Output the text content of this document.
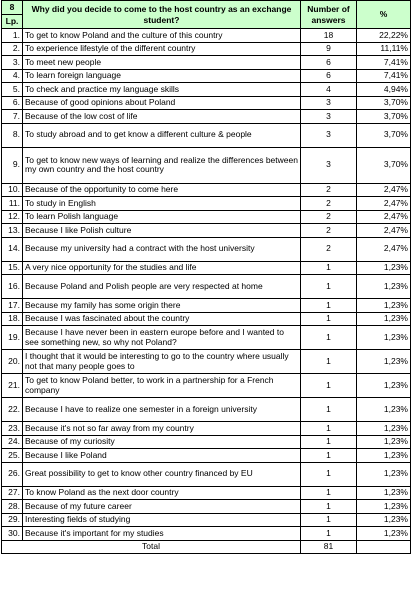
8	Why did you decide to come to the host country as an exchange student?	Number of answers	%
Lp.			
1.	To get to know Poland and the culture of this country	18	22,22%
2.	To experience lifestyle of the different country	9	11,11%
3.	To meet new people	6	7,41%
4.	To learn foreign language	6	7,41%
5.	To check and practice my language skills	4	4,94%
6.	Because of good opinions about Poland	3	3,70%
7.	Because of the low cost of life	3	3,70%
8.	To study abroad and to get know a different culture & people	3	3,70%
9.	To get to know new ways of learning and realize the differences between my own country and the host country	3	3,70%
10.	Because of the opportunity to come here	2	2,47%
11.	To study in English	2	2,47%
12.	To learn Polish language	2	2,47%
13.	Because I like Polish culture	2	2,47%
14.	Because my university had a contract with the host university	2	2,47%
15.	A very nice opportunity for the studies and life	1	1,23%
16.	Because Poland and Polish people are very respected at home	1	1,23%
17.	Because my family has some origin there	1	1,23%
18.	Because I was fascinated about the country	1	1,23%
19.	Because I have never been in eastern europe before and I wanted to see something new, so why not Poland?	1	1,23%
20.	I thought that it would be interesting to go to the country where usually not that many people goes to	1	1,23%
21.	To get to know Poland better, to work in a partnership for a French company	1	1,23%
22.	Because I have to realize one semester in a foreign university	1	1,23%
23.	Because it's not so far away from my country	1	1,23%
24.	Because of my curiosity	1	1,23%
25.	Because I like Poland	1	1,23%
26.	Great possibility to get to know other country financed by EU	1	1,23%
27.	To know Poland as the next door country	1	1,23%
28.	Because of my future career	1	1,23%
29.	Interesting fields of studying	1	1,23%
30.	Because it's important for my studies	1	1,23%
Total		81	
